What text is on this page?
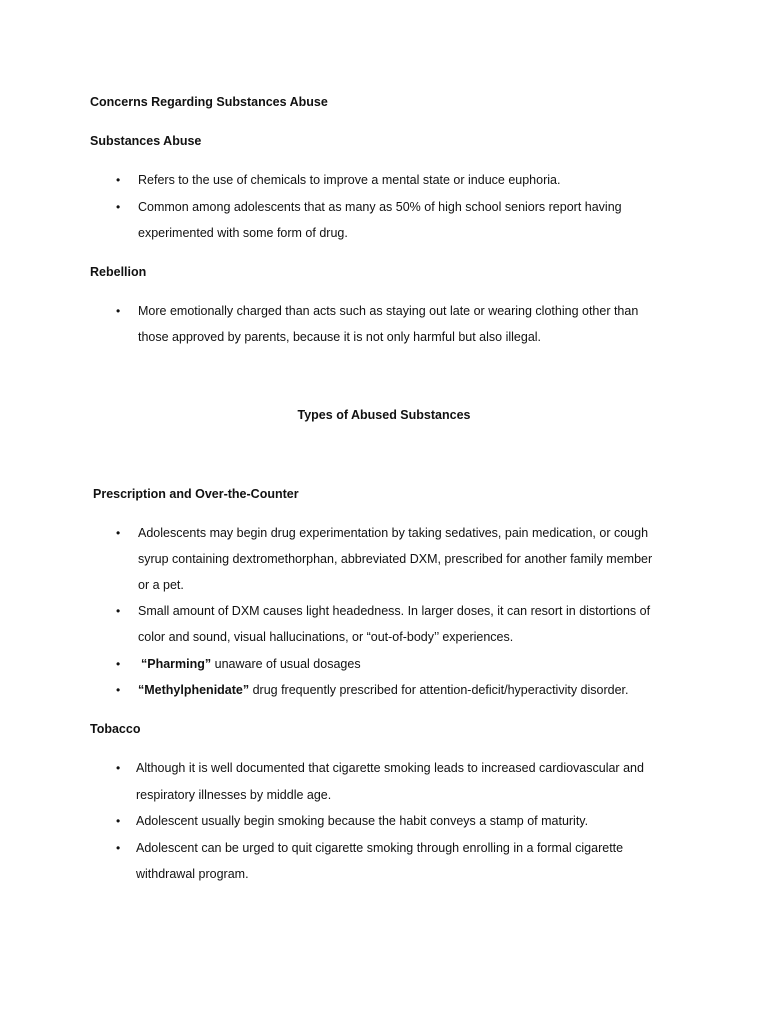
Concerns Regarding Substances Abuse
Substances Abuse
• Refers to the use of chemicals to improve a mental state or induce euphoria.
• Common among adolescents that as many as 50% of high school seniors report having
experimented with some form of drug.
Rebellion
• More emotionally charged than acts such as staying out late or wearing clothing other than
those approved by parents, because it is not only harmful but also illegal.
Types of Abused Substances
Prescription and Over-the-Counter
• Adolescents may begin drug experimentation by taking sedatives, pain medication, or cough
syrup containing dextromethorphan, abbreviated DXM, prescribed for another family member
or a pet.
• Small amount of DXM causes light headedness. In larger doses, it can resort in distortions of
color and sound, visual hallucinations, or “out-of-body’’ experiences.
• “Pharming” unaware of usual dosages
• “Methylphenidate” drug frequently prescribed for attention-deficit/hyperactivity disorder.
Tobacco
• Although it is well documented that cigarette smoking leads to increased cardiovascular and
respiratory illnesses by middle age.
• Adolescent usually begin smoking because the habit conveys a stamp of maturity.
• Adolescent can be urged to quit cigarette smoking through enrolling in a formal cigarette
withdrawal program.
